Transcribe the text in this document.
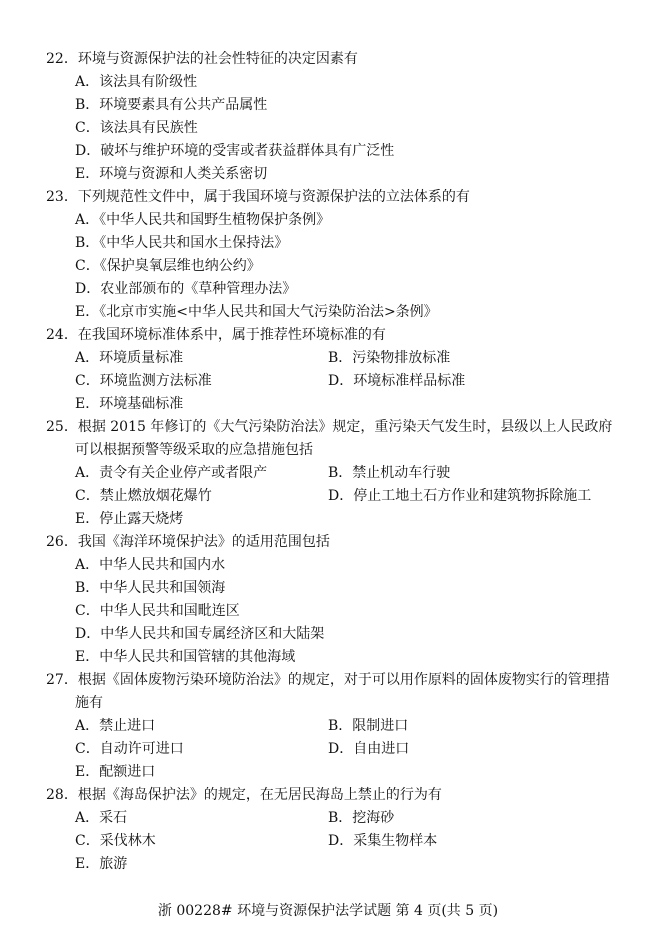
22．环境与资源保护法的社会性特征的决定因素有
A．该法具有阶级性
B．环境要素具有公共产品属性
C．该法具有民族性
D．破坏与维护环境的受害或者获益群体具有广泛性
E．环境与资源和人类关系密切
23．下列规范性文件中，属于我国环境与资源保护法的立法体系的有
A．《中华人民共和国野生植物保护条例》
B．《中华人民共和国水土保持法》
C．《保护臭氧层维也纳公约》
D．农业部颁布的《草种管理办法》
E．《北京市实施<中华人民共和国大气污染防治法>条例》
24．在我国环境标准体系中，属于推荐性环境标准的有
A．环境质量标准	B．污染物排放标准
C．环境监测方法标准	D．环境标准样品标准
E．环境基础标准
25．根据 2015 年修订的《大气污染防治法》规定，重污染天气发生时，县级以上人民政府可以根据预警等级采取的应急措施包括
A．责令有关企业停产或者限产	B．禁止机动车行驶
C．禁止燃放烟花爆竹	D．停止工地土石方作业和建筑物拆除施工
E．停止露天烧烤
26．我国《海洋环境保护法》的适用范围包括
A．中华人民共和国内水
B．中华人民共和国领海
C．中华人民共和国毗连区
D．中华人民共和国专属经济区和大陆架
E．中华人民共和国管辖的其他海域
27．根据《固体废物污染环境防治法》的规定，对于可以用作原料的固体废物实行的管理措施有
A．禁止进口	B．限制进口
C．自动许可进口	D．自由进口
E．配额进口
28．根据《海岛保护法》的规定，在无居民海岛上禁止的行为有
A．采石	B．挖海砂
C．采伐林木	D．采集生物样本
E．旅游
浙 00228# 环境与资源保护法学试题 第 4 页(共 5 页)
